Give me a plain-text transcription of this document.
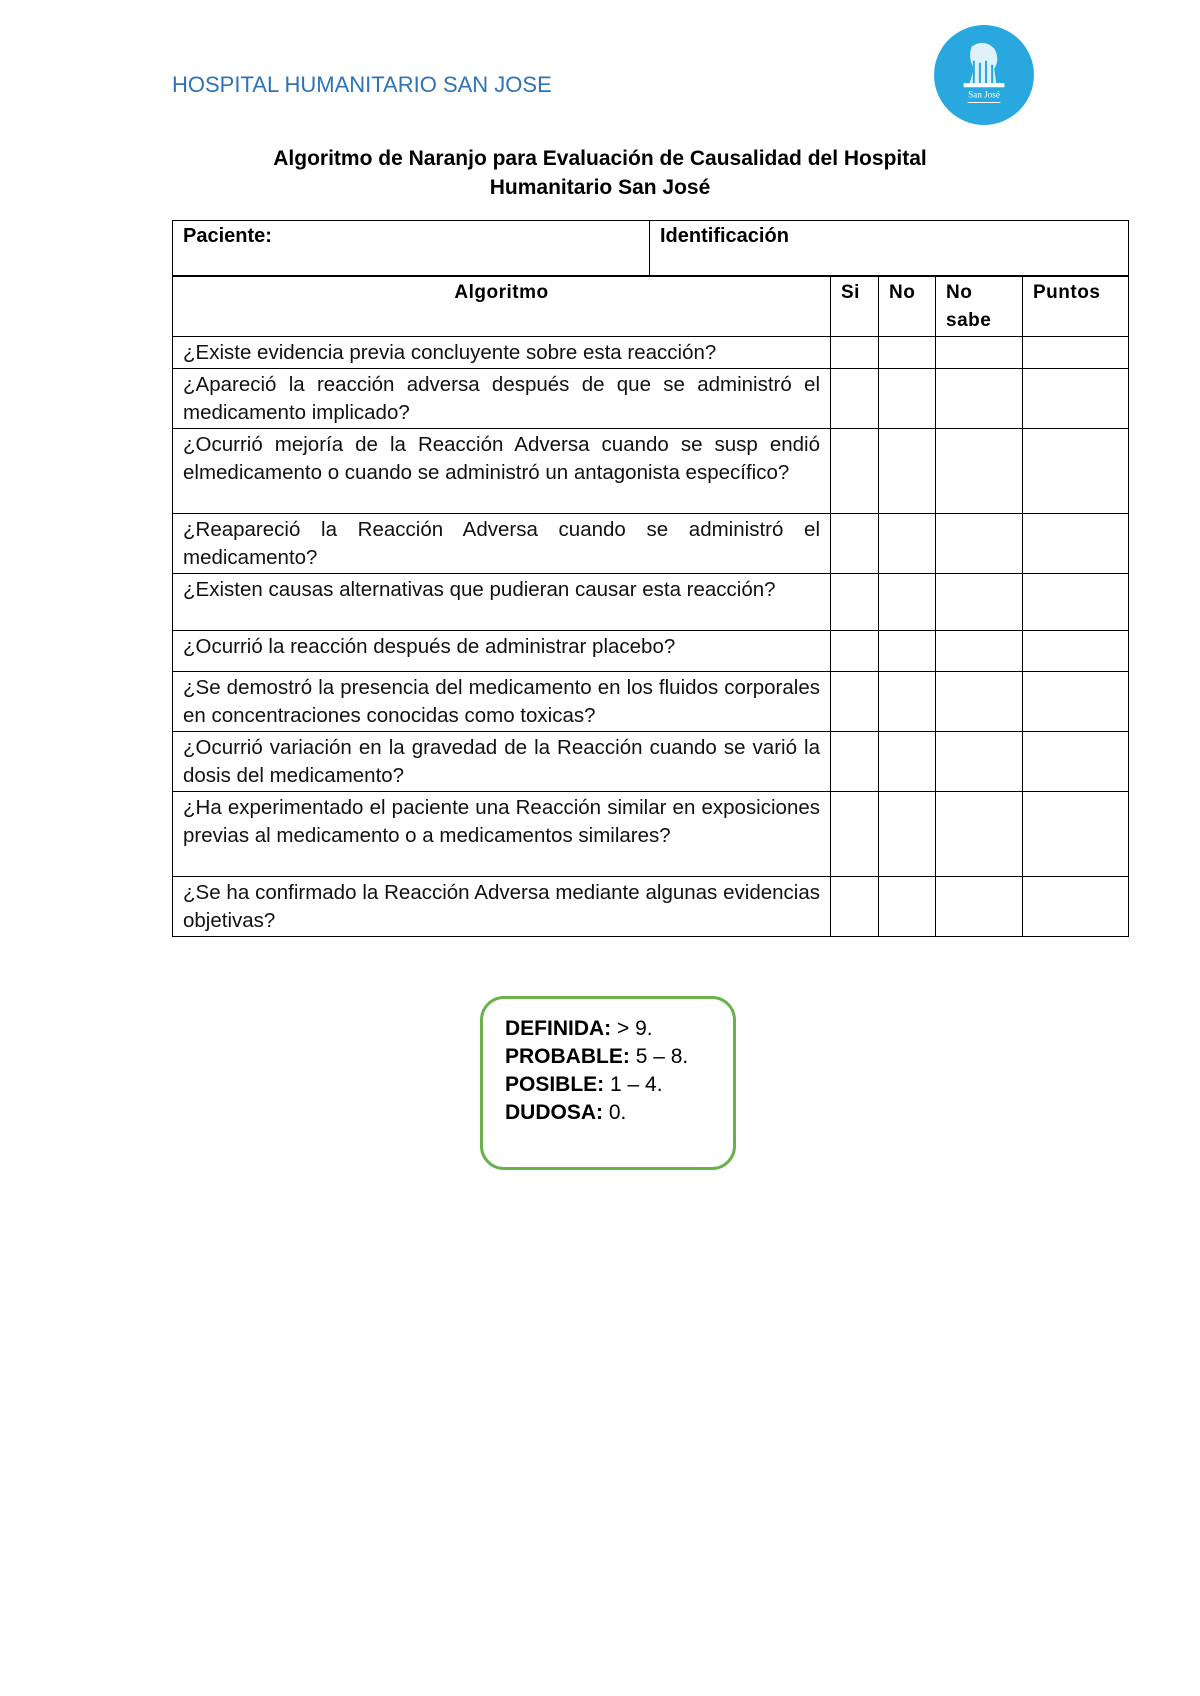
HOSPITAL HUMANITARIO SAN JOSE	San José
Algoritmo de Naranjo para Evaluación de Causalidad del Hospital
Humanitario San José
Paciente:	Identificación
Algoritmo	Si	No	No sabe	Puntos
¿Existe evidencia previa concluyente sobre esta reacción?				
¿Apareció la reacción adversa después de que se administró el medicamento implicado?				
¿Ocurrió mejoría de la Reacción Adversa cuando se susp endió elmedicamento o cuando se administró un antagonista específico?				
¿Reapareció la Reacción Adversa cuando se administró el medicamento?				
¿Existen causas alternativas que pudieran causar esta reacción?				
¿Ocurrió la reacción después de administrar placebo?				
¿Se demostró la presencia del medicamento en los fluidos corporales en concentraciones conocidas como toxicas?				
¿Ocurrió variación en la gravedad de la Reacción cuando se varió la dosis del medicamento?				
¿Ha experimentado el paciente una Reacción similar en exposiciones previas al medicamento o a medicamentos similares?				
¿Se ha confirmado la Reacción Adversa mediante algunas evidencias objetivas?				
DEFINIDA: > 9.
PROBABLE: 5 – 8.
POSIBLE: 1 – 4.
DUDOSA: 0.
